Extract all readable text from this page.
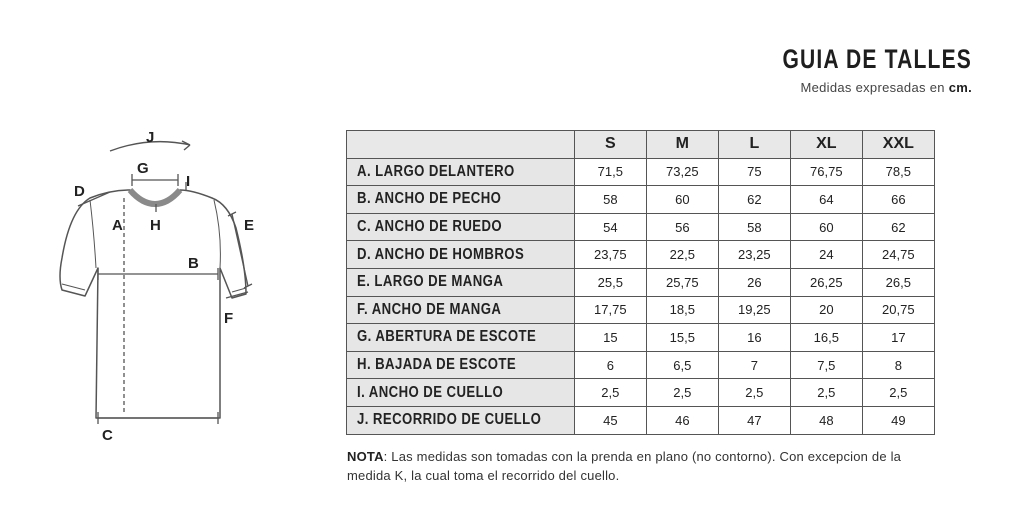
GUIA DE TALLES
Medidas expresadas en cm.
J
G
I
D
A H	E
B
F
C
	S	M	L	XL	XXL
A. LARGO DELANTERO	71,5	73,25	75	76,75	78,5
B. ANCHO DE PECHO	58	60	62	64	66
C. ANCHO DE RUEDO	54	56	58	60	62
D. ANCHO DE HOMBROS	23,75	22,5	23,25	24	24,75
E. LARGO DE MANGA	25,5	25,75	26	26,25	26,5
F. ANCHO DE MANGA	17,75	18,5	19,25	20	20,75
G. ABERTURA DE ESCOTE	15	15,5	16	16,5	17
H. BAJADA DE ESCOTE	6	6,5	7	7,5	8
I. ANCHO DE CUELLO	2,5	2,5	2,5	2,5	2,5
J. RECORRIDO DE CUELLO	45	46	47	48	49
NOTA: Las medidas son tomadas con la prenda en plano (no contorno). Con excepcion de la medida K, la cual toma el recorrido del cuello.
